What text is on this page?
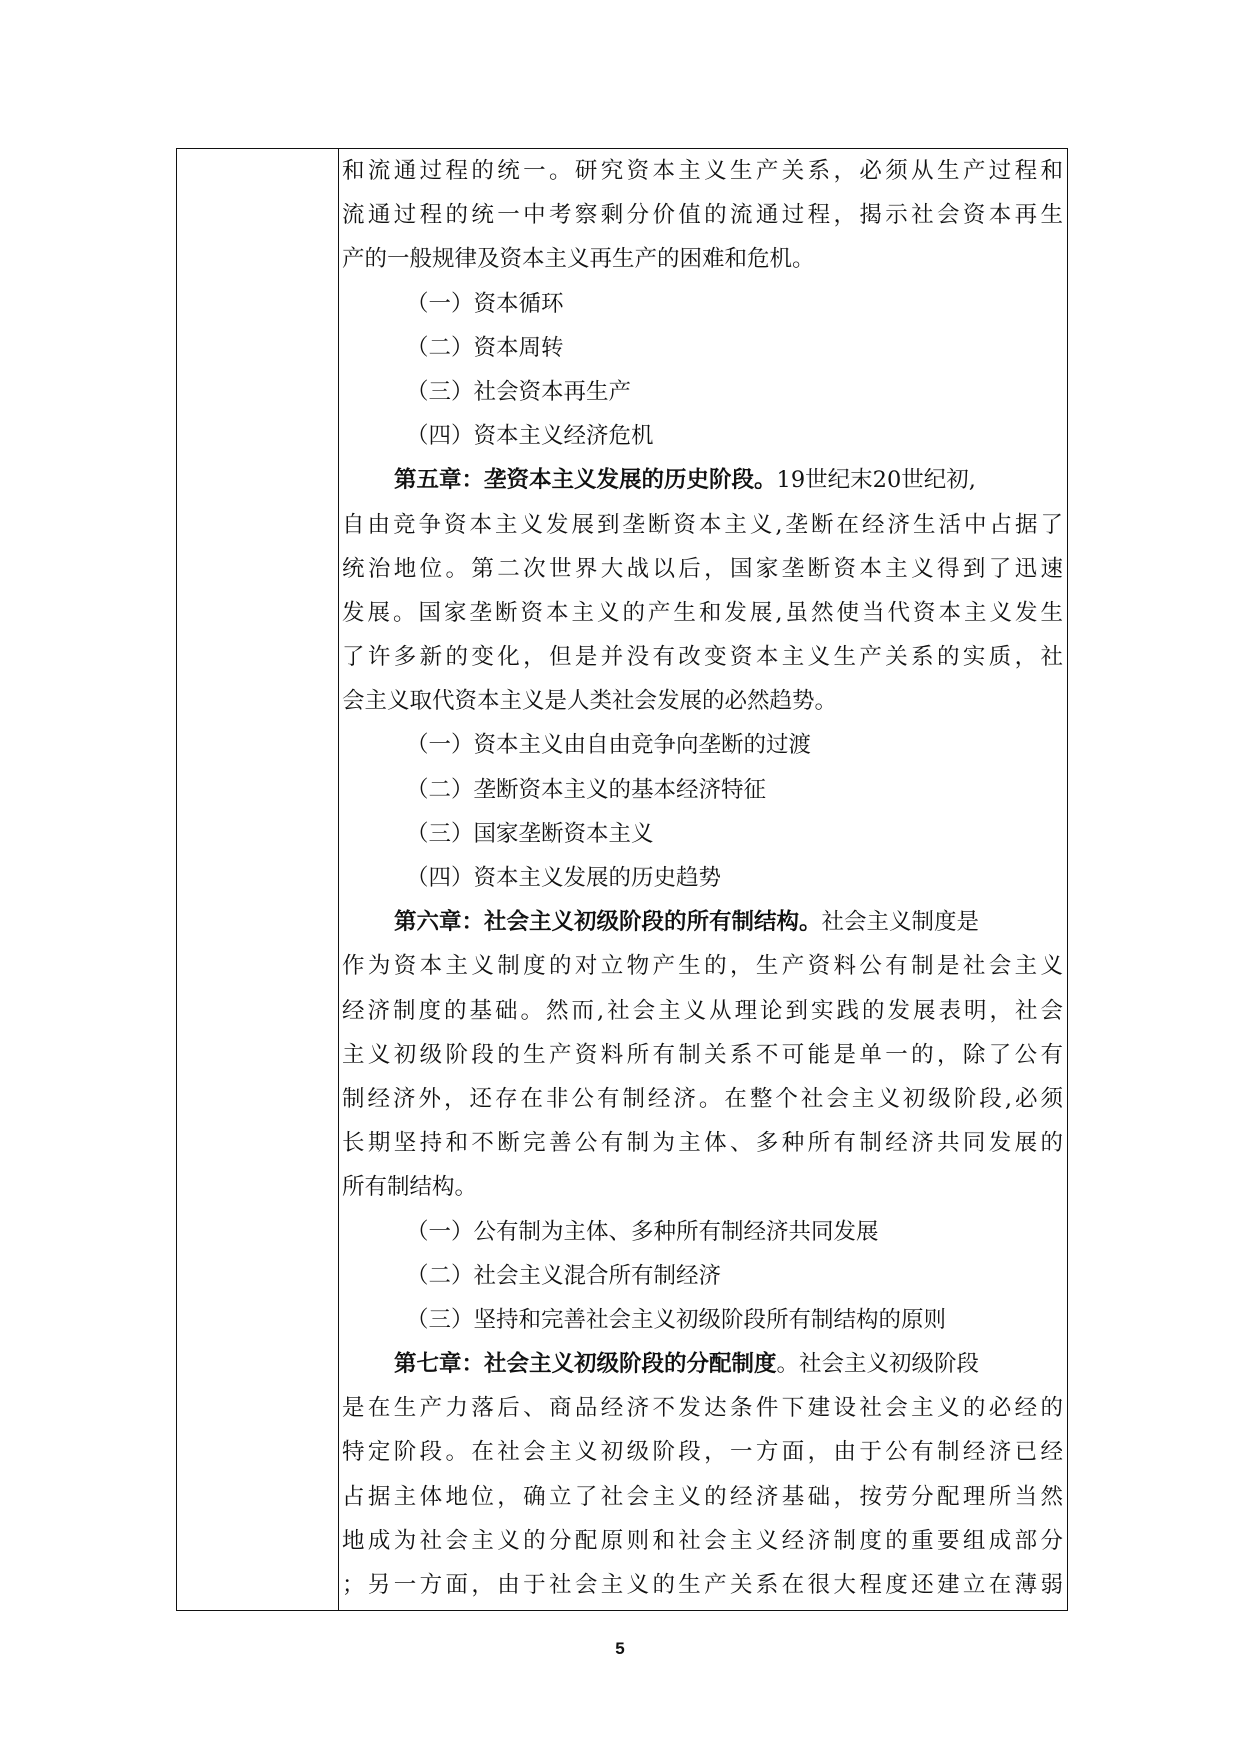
和流通过程的统一。研究资本主义生产关系，必须从生产过程和
流通过程的统一中考察剩分价值的流通过程，揭示社会资本再生
产的一般规律及资本主义再生产的困难和危机。
（一）资本循环
（二）资本周转
（三）社会资本再生产
（四）资本主义经济危机
第五章：垄资本主义发展的历史阶段。19世纪末20世纪初,
自由竞争资本主义发展到垄断资本主义,垄断在经济生活中占据了
统治地位。第二次世界大战以后，国家垄断资本主义得到了迅速
发展。国家垄断资本主义的产生和发展,虽然使当代资本主义发生
了许多新的变化，但是并没有改变资本主义生产关系的实质，社
会主义取代资本主义是人类社会发展的必然趋势。
（一）资本主义由自由竞争向垄断的过渡
（二）垄断资本主义的基本经济特征
（三）国家垄断资本主义
（四）资本主义发展的历史趋势
第六章：社会主义初级阶段的所有制结构。社会主义制度是
作为资本主义制度的对立物产生的，生产资料公有制是社会主义
经济制度的基础。然而,社会主义从理论到实践的发展表明，社会
主义初级阶段的生产资料所有制关系不可能是单一的，除了公有
制经济外，还存在非公有制经济。在整个社会主义初级阶段,必须
长期坚持和不断完善公有制为主体、多种所有制经济共同发展的
所有制结构。
（一）公有制为主体、多种所有制经济共同发展
（二）社会主义混合所有制经济
（三）坚持和完善社会主义初级阶段所有制结构的原则
第七章：社会主义初级阶段的分配制度。社会主义初级阶段
是在生产力落后、商品经济不发达条件下建设社会主义的必经的
特定阶段。在社会主义初级阶段，一方面，由于公有制经济已经
占据主体地位，确立了社会主义的经济基础，按劳分配理所当然
地成为社会主义的分配原则和社会主义经济制度的重要组成部分
；另一方面，由于社会主义的生产关系在很大程度还建立在薄弱
5
